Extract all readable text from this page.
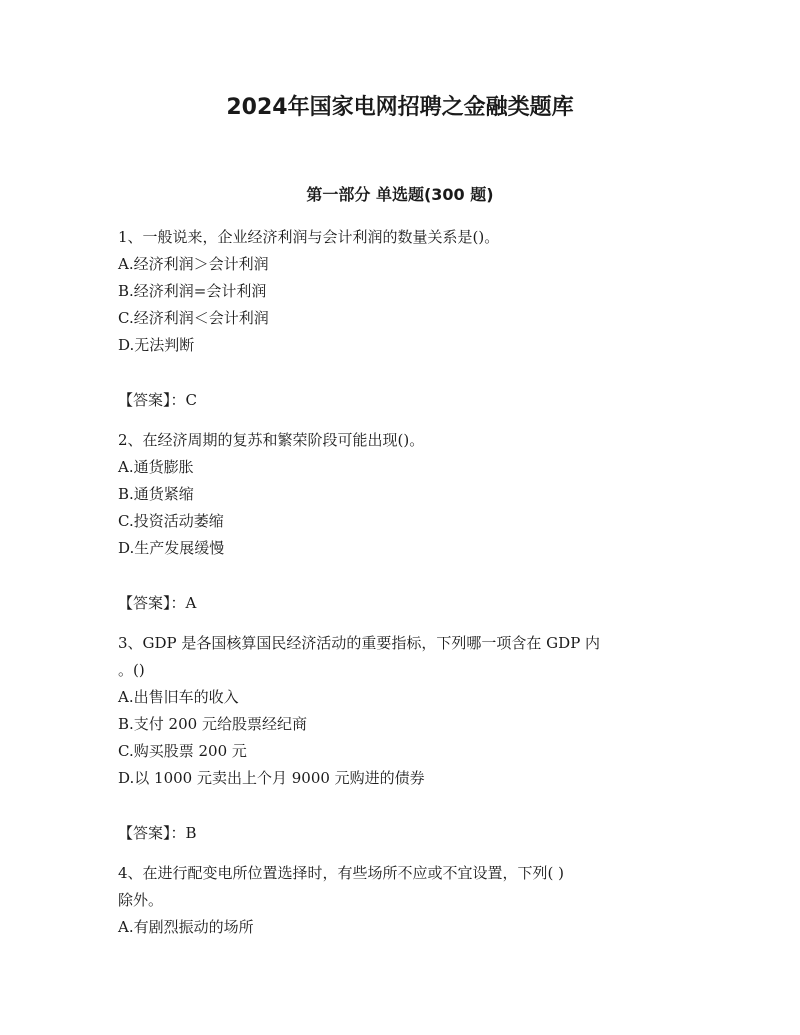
2024年国家电网招聘之金融类题库
第一部分 单选题(300 题)

1、一般说来，企业经济利润与会计利润的数量关系是()。

A.经济利润＞会计利润

B.经济利润=会计利润

C.经济利润＜会计利润

D.无法判断

【答案】：C

2、在经济周期的复苏和繁荣阶段可能出现()。

A.通货膨胀

B.通货紧缩

C.投资活动萎缩

D.生产发展缓慢

【答案】：A

3、GDP 是各国核算国民经济活动的重要指标，下列哪一项含在 GDP 内

。()

A.出售旧车的收入

B.支付 200 元给股票经纪商

C.购买股票 200 元

D.以 1000 元卖出上个月 9000 元购进的债券

【答案】：B

4、在进行配变电所位置选择时，有些场所不应或不宜设置，下列( )

除外。

A.有剧烈振动的场所
